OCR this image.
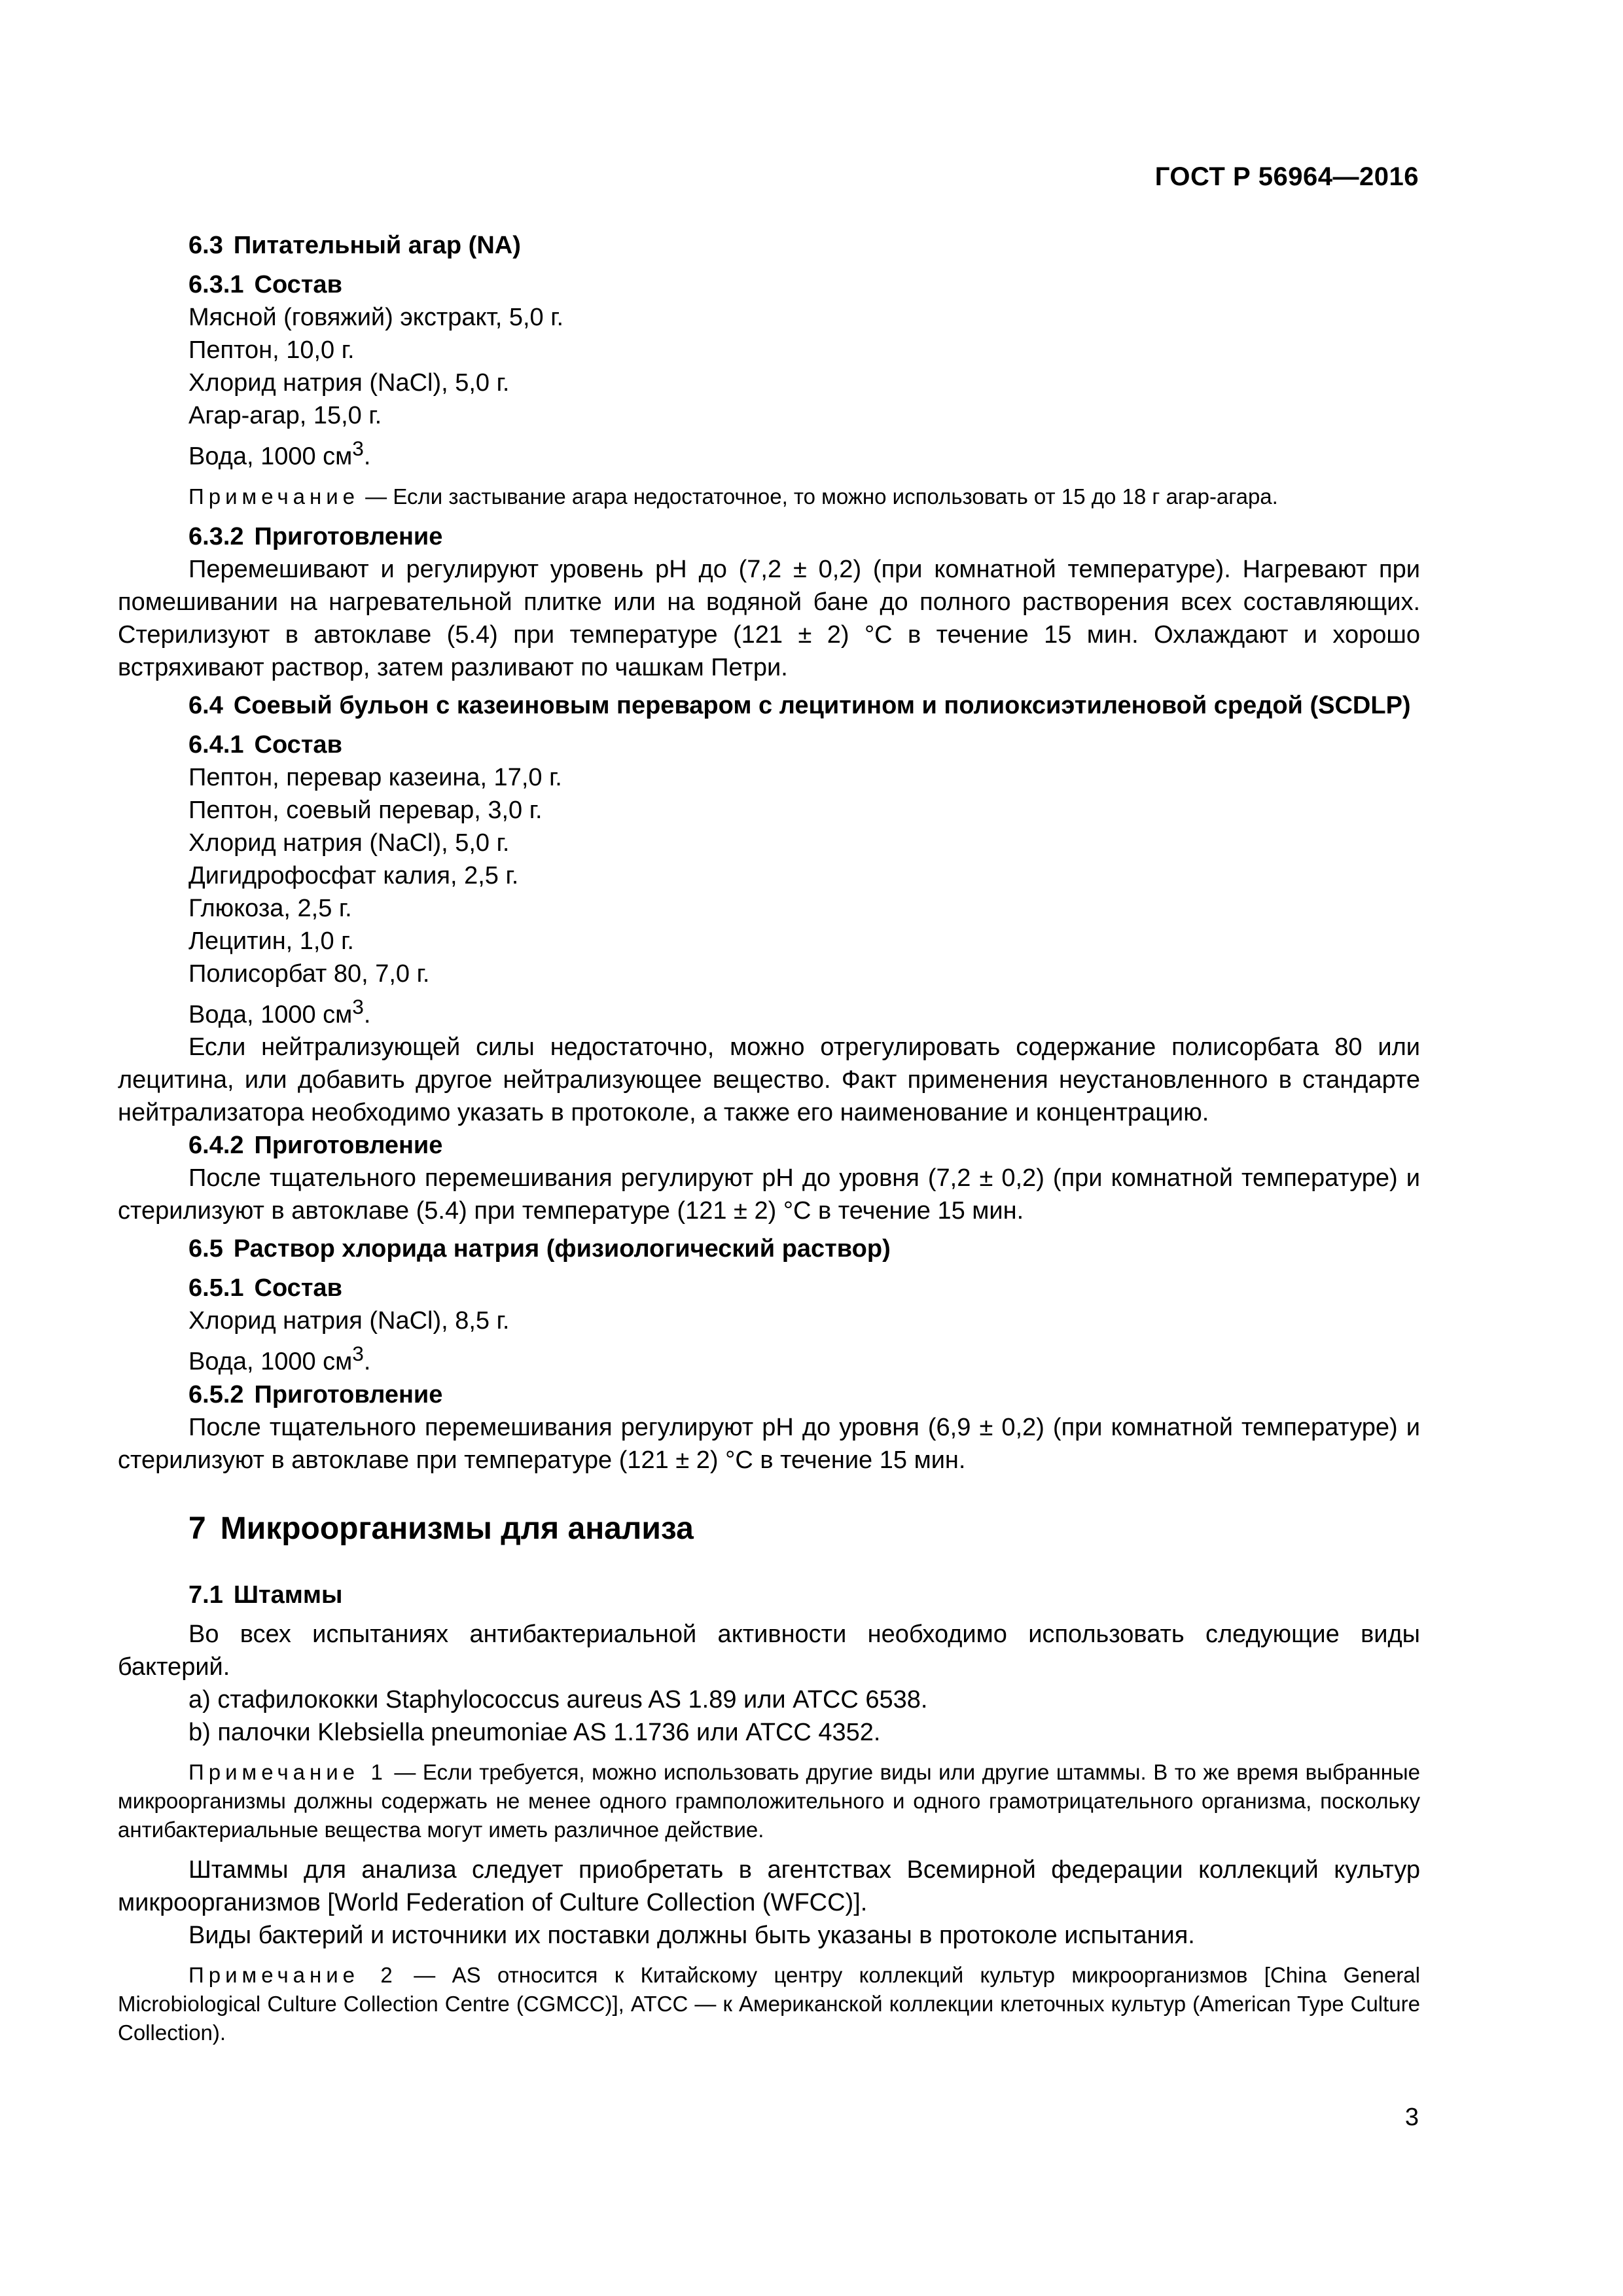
ГОСТ Р 56964—2016
6.3 Питательный агар (NA)
6.3.1 Состав
Мясной (говяжий) экстракт, 5,0 г.
Пептон, 10,0 г.
Хлорид натрия (NaCl), 5,0 г.
Агар-агар, 15,0 г.
Вода, 1000 $см^3$.
Примечание — Если застывание агара недостаточное, то можно использовать от 15 до 18 г агар-агара.
6.3.2 Приготовление
Перемешивают и регулируют уровень pH до (7,2 ± 0,2) (при комнатной температуре). Нагревают при помешивании на нагревательной плитке или на водяной бане до полного растворения всех составляющих. Стерилизуют в автоклаве (5.4) при температуре (121 ± 2) °С в течение 15 мин. Охлаждают и хорошо встряхивают раствор, затем разливают по чашкам Петри.
6.4 Соевый бульон с казеиновым переваром с лецитином и полиоксиэтиленовой средой (SCDLP)
6.4.1 Состав
Пептон, перевар казеина, 17,0 г.
Пептон, соевый перевар, 3,0 г.
Хлорид натрия (NaCl), 5,0 г.
Дигидрофосфат калия, 2,5 г.
Глюкоза, 2,5 г.
Лецитин, 1,0 г.
Полисорбат 80, 7,0 г.
Вода, 1000 $см^3$.
Если нейтрализующей силы недостаточно, можно отрегулировать содержание полисорбата 80 или лецитина, или добавить другое нейтрализующее вещество. Факт применения неустановленного в стандарте нейтрализатора необходимо указать в протоколе, а также его наименование и концентрацию.
6.4.2 Приготовление
После тщательного перемешивания регулируют pH до уровня (7,2 ± 0,2) (при комнатной температуре) и стерилизуют в автоклаве (5.4) при температуре (121 ± 2) °С в течение 15 мин.
6.5 Раствор хлорида натрия (физиологический раствор)
6.5.1 Состав
Хлорид натрия (NaCl), 8,5 г.
Вода, 1000 $см^3$.
6.5.2 Приготовление
После тщательного перемешивания регулируют pH до уровня (6,9 ± 0,2) (при комнатной температуре) и стерилизуют в автоклаве при температуре (121 ± 2) °С в течение 15 мин.
7 Микроорганизмы для анализа
7.1 Штаммы
Во всех испытаниях антибактериальной активности необходимо использовать следующие виды бактерий.
a) стафилококки Staphylococcus aureus AS 1.89 или ATCC 6538.
b) палочки Klebsiella pneumoniae AS 1.1736 или ATCC 4352.
Примечание 1 — Если требуется, можно использовать другие виды или другие штаммы. В то же время выбранные микроорганизмы должны содержать не менее одного грамположительного и одного грамотрицательного организма, поскольку антибактериальные вещества могут иметь различное действие.
Штаммы для анализа следует приобретать в агентствах Всемирной федерации коллекций культур микроорганизмов [World Federation of Culture Collection (WFCC)].
Виды бактерий и источники их поставки должны быть указаны в протоколе испытания.
Примечание 2 — AS относится к Китайскому центру коллекций культур микроорганизмов [China General Microbiological Culture Collection Centre (CGMCC)], ATCC — к Американской коллекции клеточных культур (American Type Culture Collection).
3
